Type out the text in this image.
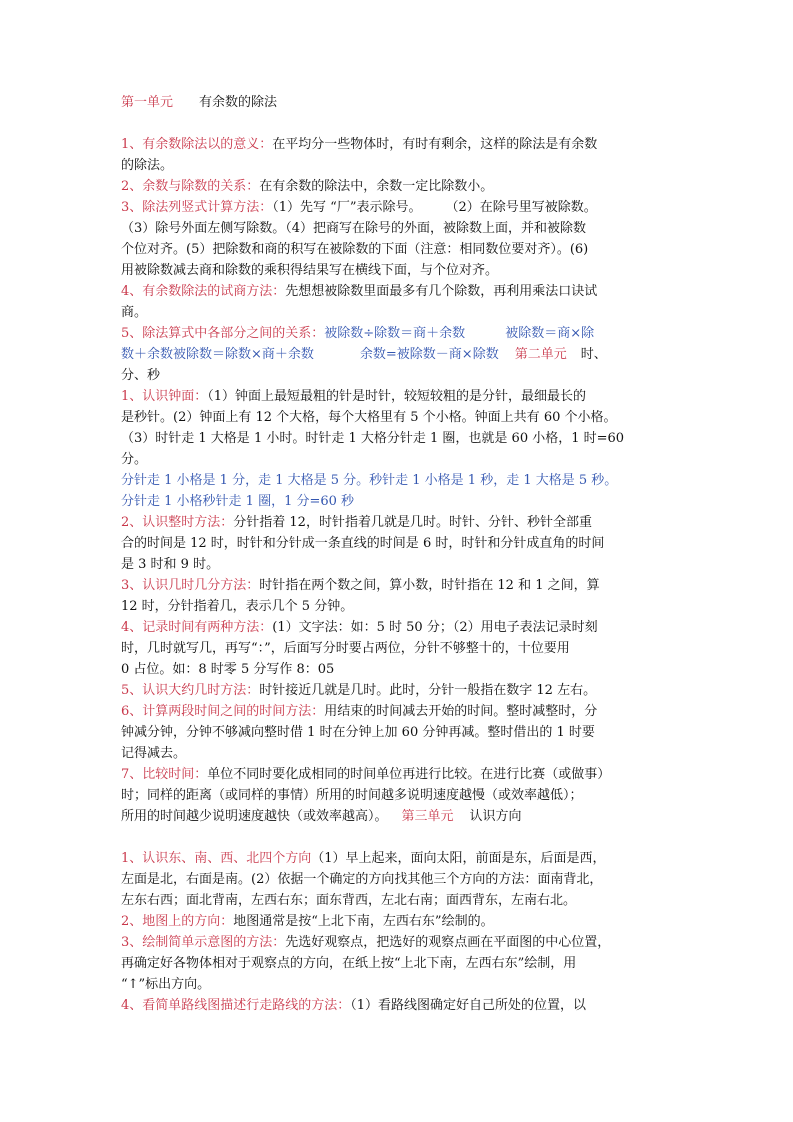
第一单元 有余数的除法
1、有余数除法以的意义：在平均分一些物体时，有时有剩余，这样的除法是有余数
的除法。
2、余数与除数的关系：在有余数的除法中，余数一定比除数小。
3、除法列竖式计算方法：（1）先写 “厂”表示除号。 （2）在除号里写被除数。
（3）除号外面左侧写除数。（4）把商写在除号的外面，被除数上面，并和被除数
个位对齐。(5）把除数和商的积写在被除数的下面（注意：相同数位要对齐）。(6)
用被除数减去商和除数的乘积得结果写在横线下面，与个位对齐。
4、有余数除法的试商方法：先想想被除数里面最多有几个除数，再利用乘法口诀试
商。
5、除法算式中各部分之间的关系：被除数÷除数＝商＋余数	被除数＝商×除
数＋余数被除数＝除数×商＋余数	余数=被除数－商×除数 第二单元 时、
分、秒
1、认识钟面：（1）钟面上最短最粗的针是时针，较短较粗的是分针，最细最长的
是秒针。(2）钟面上有 12 个大格，每个大格里有 5 个小格。钟面上共有 60 个小格。
（3）时针走 1 大格是 1 小时。时针走 1 大格分针走 1 圈，也就是 60 小格，1 时=60
分。
分针走 1 小格是 1 分，走 1 大格是 5 分。秒针走 1 小格是 1 秒，走 1 大格是 5 秒。
分针走 1 小格秒针走 1 圈，1 分=60 秒
2、认识整时方法：分针指着 12，时针指着几就是几时。时针、分针、秒针全部重
合的时间是 12 时，时针和分针成一条直线的时间是 6 时，时针和分针成直角的时间
是 3 时和 9 时。
3、认识几时几分方法：时针指在两个数之间，算小数，时针指在 12 和 1 之间，算
12 时，分针指着几，表示几个 5 分钟。
4、记录时间有两种方法：(1）文字法：如：5 时 50 分；（2）用电子表法记录时刻
时，几时就写几，再写“：”，后面写分时要占两位，分针不够整十的，十位要用
0 占位。如：8 时零 5 分写作 8：05
5、认识大约几时方法：时针接近几就是几时。此时，分针一般指在数字 12 左右。
6、计算两段时间之间的时间方法：用结束的时间减去开始的时间。整时减整时，分
钟减分钟，分钟不够减向整时借 1 时在分钟上加 60 分钟再减。整时借出的 1 时要
记得减去。
7、比较时间：单位不同时要化成相同的时间单位再进行比较。在进行比赛（或做事）
时；同样的距离（或同样的事情）所用的时间越多说明速度越慢（或效率越低）；
所用的时间越少说明速度越快（或效率越高）。 第三单元 认识方向
1、认识东、南、西、北四个方向（1）早上起来，面向太阳，前面是东，后面是西，
左面是北，右面是南。(2）依据一个确定的方向找其他三个方向的方法：面南背北，
左东右西；面北背南，左西右东；面东背西，左北右南；面西背东，左南右北。
2、地图上的方向：地图通常是按“上北下南，左西右东”绘制的。
3、绘制简单示意图的方法：先选好观察点，把选好的观察点画在平面图的中心位置，
再确定好各物体相对于观察点的方向，在纸上按“上北下南，左西右东”绘制，用
“↑”标出方向。
4、看简单路线图描述行走路线的方法：（1）看路线图确定好自己所处的位置，以
